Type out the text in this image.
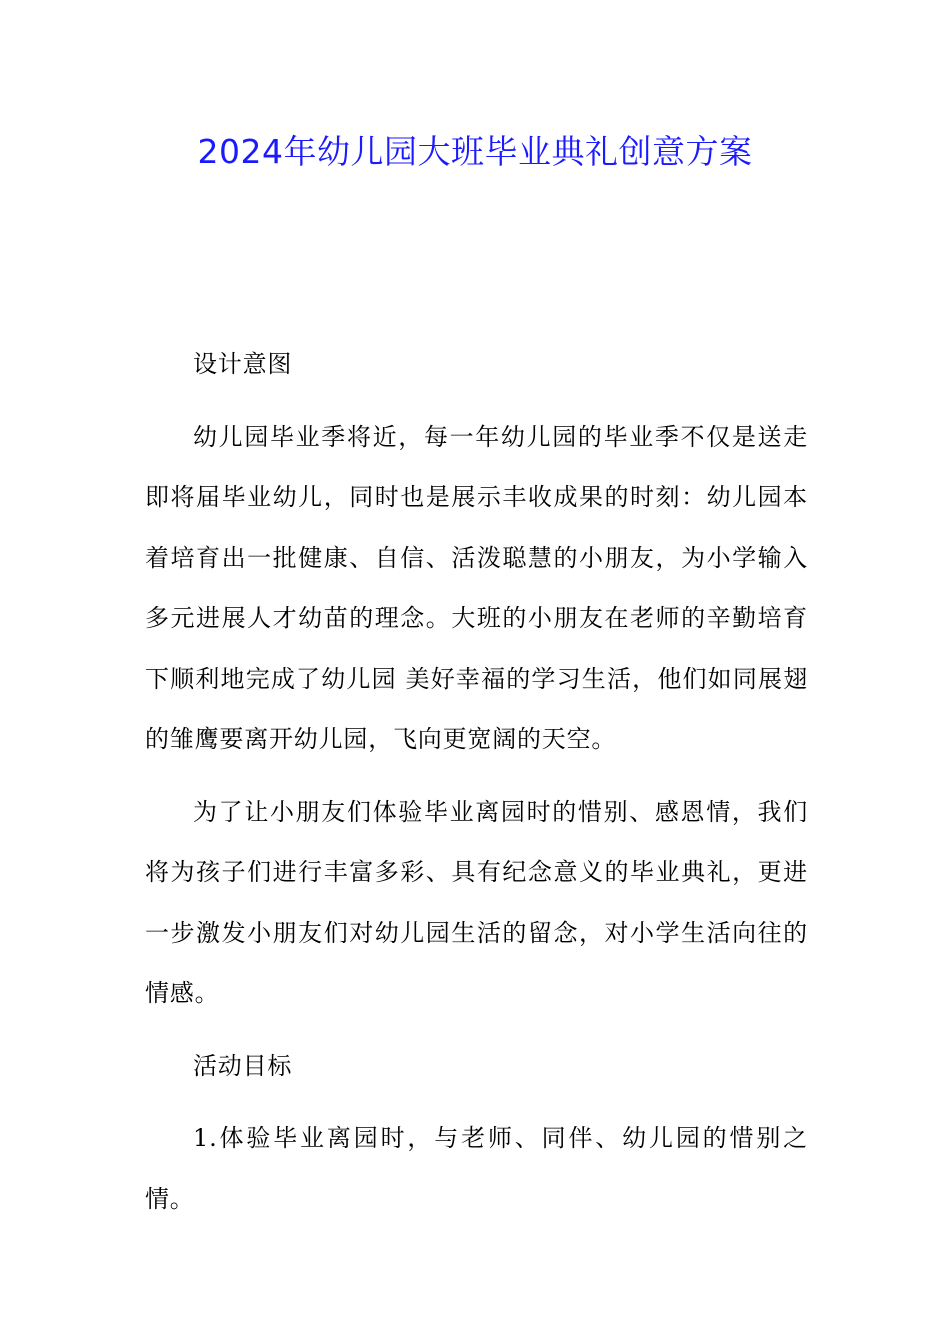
2024年幼儿园大班毕业典礼创意方案

设计意图

幼儿园毕业季将近，每一年幼儿园的毕业季不仅是送走即将届毕业幼儿，同时也是展示丰收成果的时刻：幼儿园本着培育出一批健康、自信、活泼聪慧的小朋友，为小学输入多元进展人才幼苗的理念。大班的小朋友在老师的辛勤培育下顺利地完成了幼儿园 美好幸福的学习生活，他们如同展翅的雏鹰要离开幼儿园，飞向更宽阔的天空。

为了让小朋友们体验毕业离园时的惜别、感恩情，我们将为孩子们进行丰富多彩、具有纪念意义的毕业典礼，更进一步激发小朋友们对幼儿园生活的留念，对小学生活向往的情感。

活动目标

1.体验毕业离园时，与老师、同伴、幼儿园的惜别之情。
